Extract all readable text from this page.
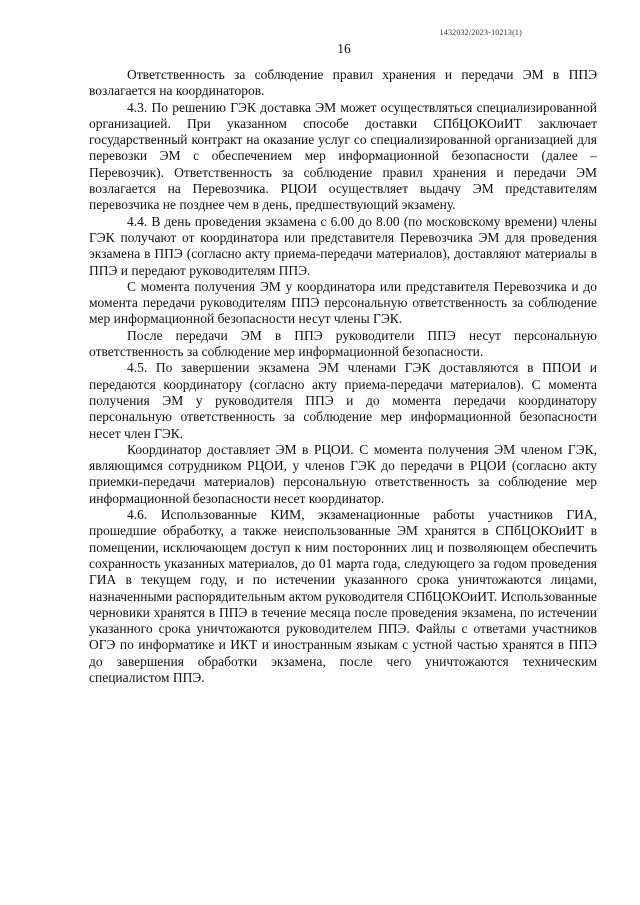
1432032/2023-10213(1)
16

Ответственность за соблюдение правил хранения и передачи ЭМ в ППЭ возлагается на координаторов.

4.3. По решению ГЭК доставка ЭМ может осуществляться специализированной организацией. При указанном способе доставки СПбЦОКОиИТ заключает государственный контракт на оказание услуг со специализированной организацией для перевозки ЭМ с обеспечением мер информационной безопасности (далее – Перевозчик). Ответственность за соблюдение правил хранения и передачи ЭМ возлагается на Перевозчика. РЦОИ осуществляет выдачу ЭМ представителям перевозчика не позднее чем в день, предшествующий экзамену.

4.4. В день проведения экзамена с 6.00 до 8.00 (по московскому времени) члены ГЭК получают от координатора или представителя Перевозчика ЭМ для проведения экзамена в ППЭ (согласно акту приема-передачи материалов), доставляют материалы в ППЭ и передают руководителям ППЭ.

С момента получения ЭМ у координатора или представителя Перевозчика и до момента передачи руководителям ППЭ персональную ответственность за соблюдение мер информационной безопасности несут члены ГЭК.

После передачи ЭМ в ППЭ руководители ППЭ несут персональную ответственность за соблюдение мер информационной безопасности.

4.5. По завершении экзамена ЭМ членами ГЭК доставляются в ППОИ и передаются координатору (согласно акту приема-передачи материалов). С момента получения ЭМ у руководителя ППЭ и до момента передачи координатору персональную ответственность за соблюдение мер информационной безопасности несет член ГЭК.

Координатор доставляет ЭМ в РЦОИ. С момента получения ЭМ членом ГЭК, являющимся сотрудником РЦОИ, у членов ГЭК до передачи в РЦОИ (согласно акту приемки-передачи материалов) персональную ответственность за соблюдение мер информационной безопасности несет координатор.

4.6. Использованные КИМ, экзаменационные работы участников ГИА, прошедшие обработку, а также неиспользованные ЭМ хранятся в СПбЦОКОиИТ в помещении, исключающем доступ к ним посторонних лиц и позволяющем обеспечить сохранность указанных материалов, до 01 марта года, следующего за годом проведения ГИА в текущем году, и по истечении указанного срока уничтожаются лицами, назначенными распорядительным актом руководителя СПбЦОКОиИТ. Использованные черновики хранятся в ППЭ в течение месяца после проведения экзамена, по истечении указанного срока уничтожаются руководителем ППЭ. Файлы с ответами участников ОГЭ по информатике и ИКТ и иностранным языкам с устной частью хранятся в ППЭ до завершения обработки экзамена, после чего уничтожаются техническим специалистом ППЭ.
